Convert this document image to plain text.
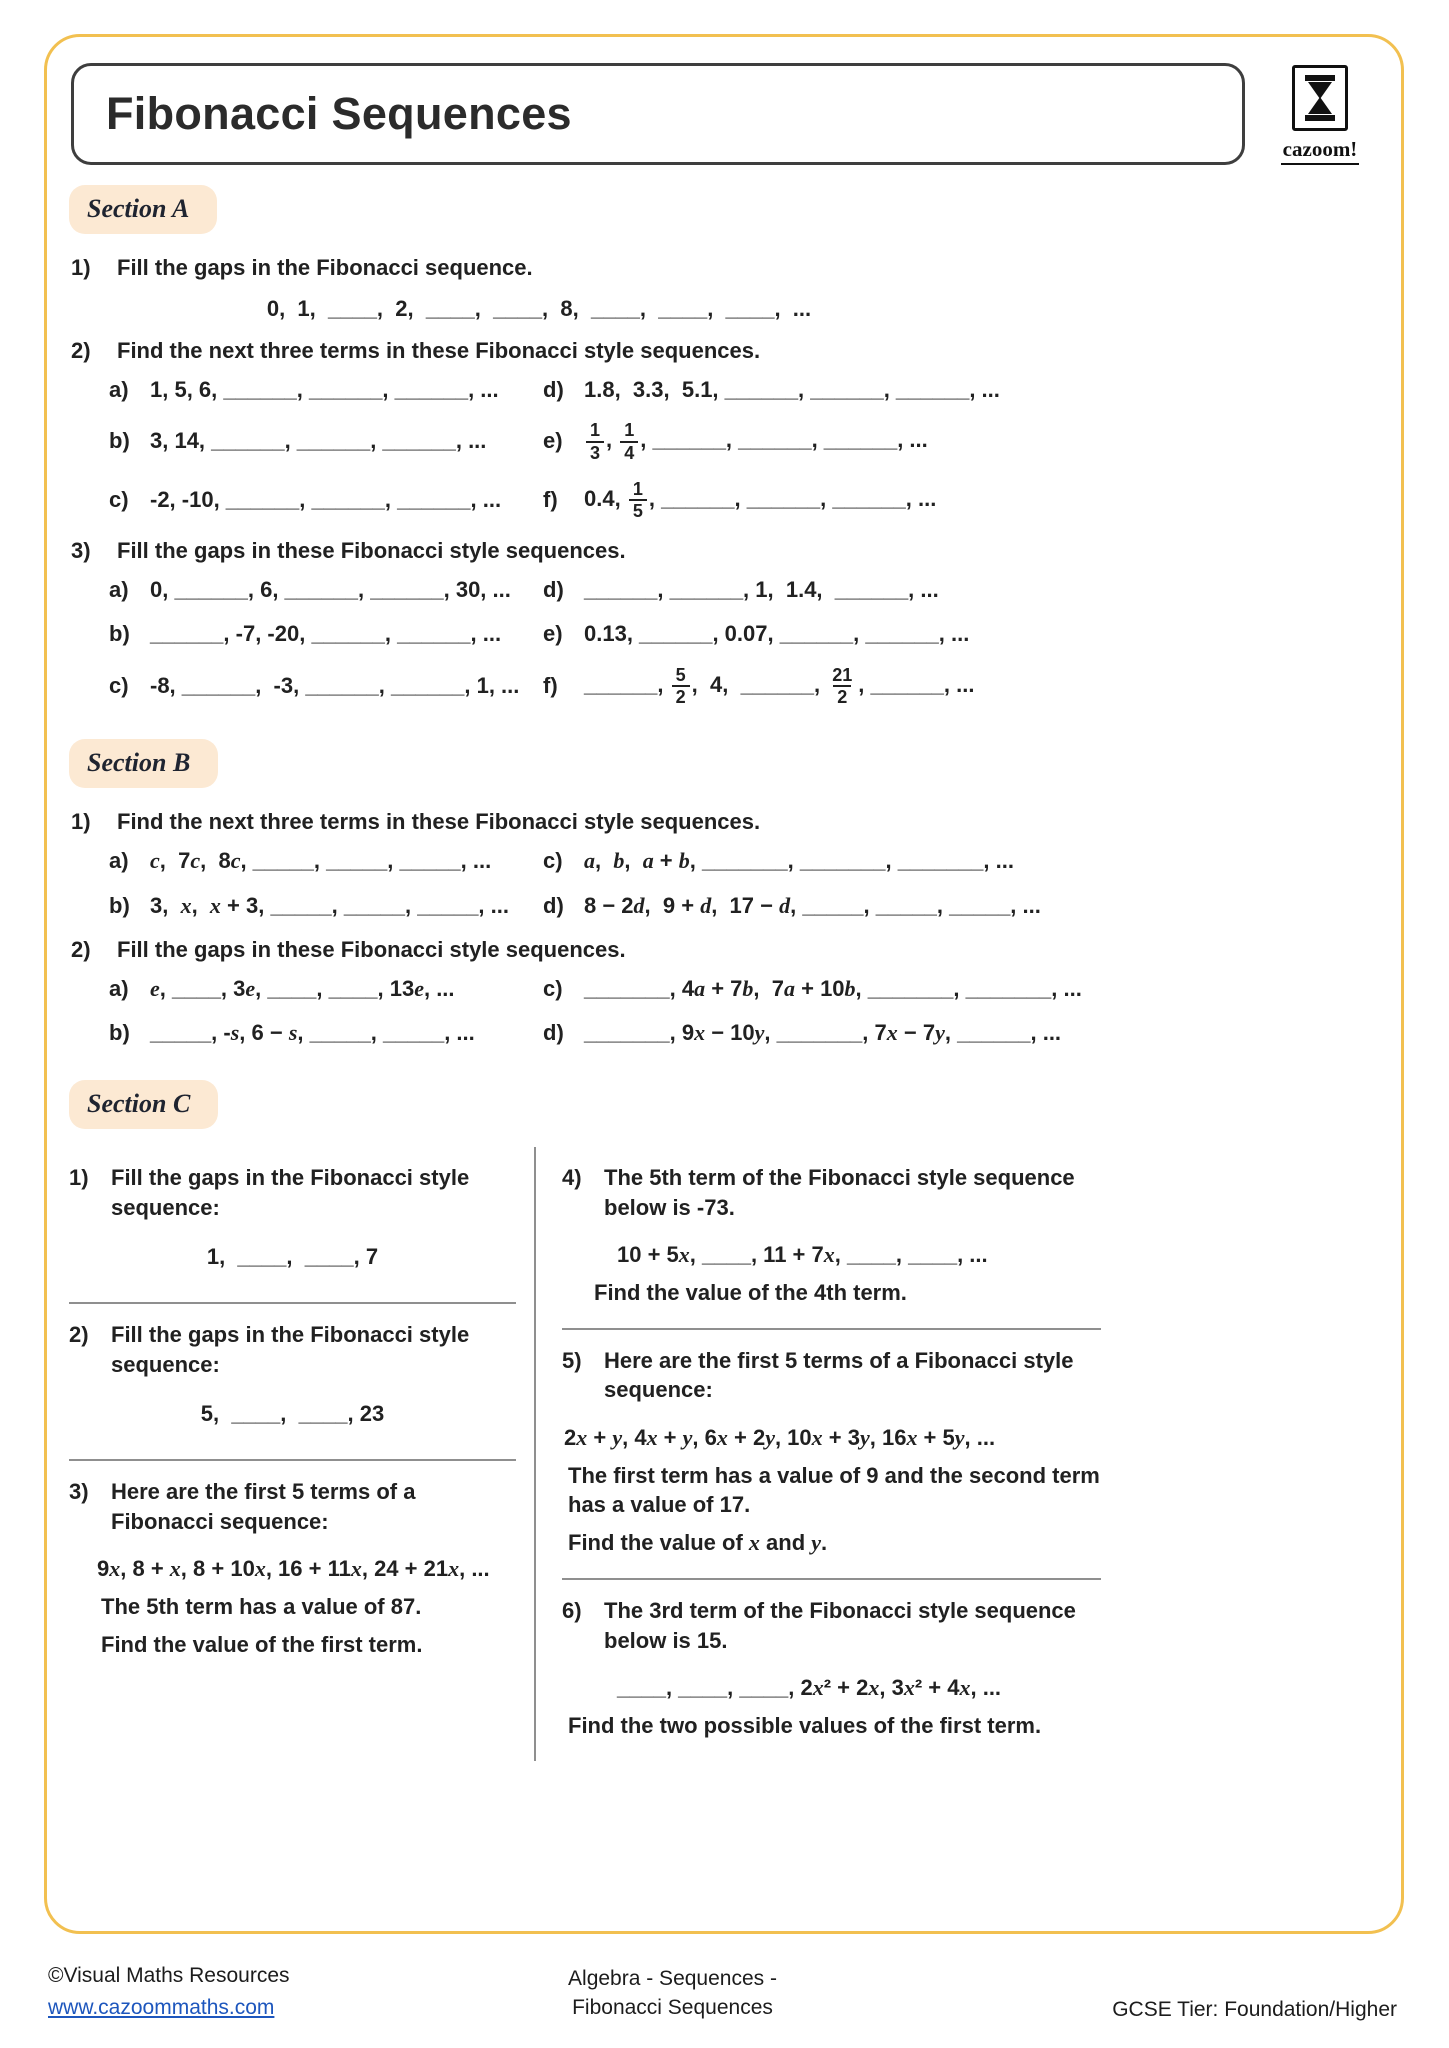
Fibonacci Sequences
cazoom!
Section A
1)	Fill the gaps in the Fibonacci sequence.
0,  1,  ____,  2,  ____,  ____,  8,  ____,  ____,  ____,  ...
2)	Find the next three terms in these Fibonacci style sequences.
a) 1, 5, 6, ______, ______, ______, ...
b) 3, 14, ______, ______, ______, ...
c) -2, -10, ______, ______, ______, ...
d) 1.8,  3.3,  5.1, ______, ______, ______, ...
e)	$\frac{1}{3}$ , $\frac{1}{4}$ , ______, ______, ______, ...
f)	0.4, $\frac{1}{5}$ , ______, ______, ______, ...
3)	Fill the gaps in these Fibonacci style sequences.
a) 0, ______, 6, ______, ______, 30, ...
b) ______, -7, -20, ______, ______, ...
c) -8, ______,  -3, ______, ______, 1, ...
d) ______, ______, 1,  1.4,  ______, ...
e) 0.13, ______, 0.07, ______, ______, ...
f)	______, $\frac{5}{2}$ ,  4,  ______, $\frac{21}{2}$ , ______, ...
Section B
1)	Find the next three terms in these Fibonacci style sequences.
a) c,  7c,  8c, _____, _____, _____, ...
b) 3,  x,  x + 3, _____, _____, _____, ...
c) a,  b,  a + b, _______, _______, _______, ...
d) 8 − 2d,  9 + d,  17 − d, _____, _____, _____, ...
2)	Fill the gaps in these Fibonacci style sequences.
a) e, ____, 3e, ____, ____, 13e, ...
b) _____, -s, 6 − s, _____, _____, ...
c) _______, 4a + 7b,  7a + 10b, _______, _______, ...
d) _______, 9x − 10y, _______, 7x − 7y, ______, ...
Section C
1)	Fill the gaps in the Fibonacci style sequence:
1,  ____,  ____, 7
2)	Fill the gaps in the Fibonacci style sequence:
5,  ____,  ____, 23
3)	Here are the first 5 terms of a Fibonacci sequence:
9x, 8 + x, 8 + 10x, 16 + 11x, 24 + 21x, ...
The 5th term has a value of 87.
Find the value of the first term.
4)	The 5th term of the Fibonacci style sequence below is -73.
10 + 5x, ____, 11 + 7x, ____, ____, ...
Find the value of the 4th term.
5)	Here are the first 5 terms of a Fibonacci style sequence:
2x + y, 4x + y, 6x + 2y, 10x + 3y, 16x + 5y, ...
The first term has a value of 9 and the second term has a value of 17.
Find the value of x and y.
6)	The 3rd term of the Fibonacci style sequence below is 15.
____, ____, ____, 2x² + 2x, 3x² + 4x, ...
Find the two possible values of the first term.
©Visual Maths Resources
www.cazoommaths.com
Algebra - Sequences -
Fibonacci Sequences	GCSE Tier: Foundation/Higher
